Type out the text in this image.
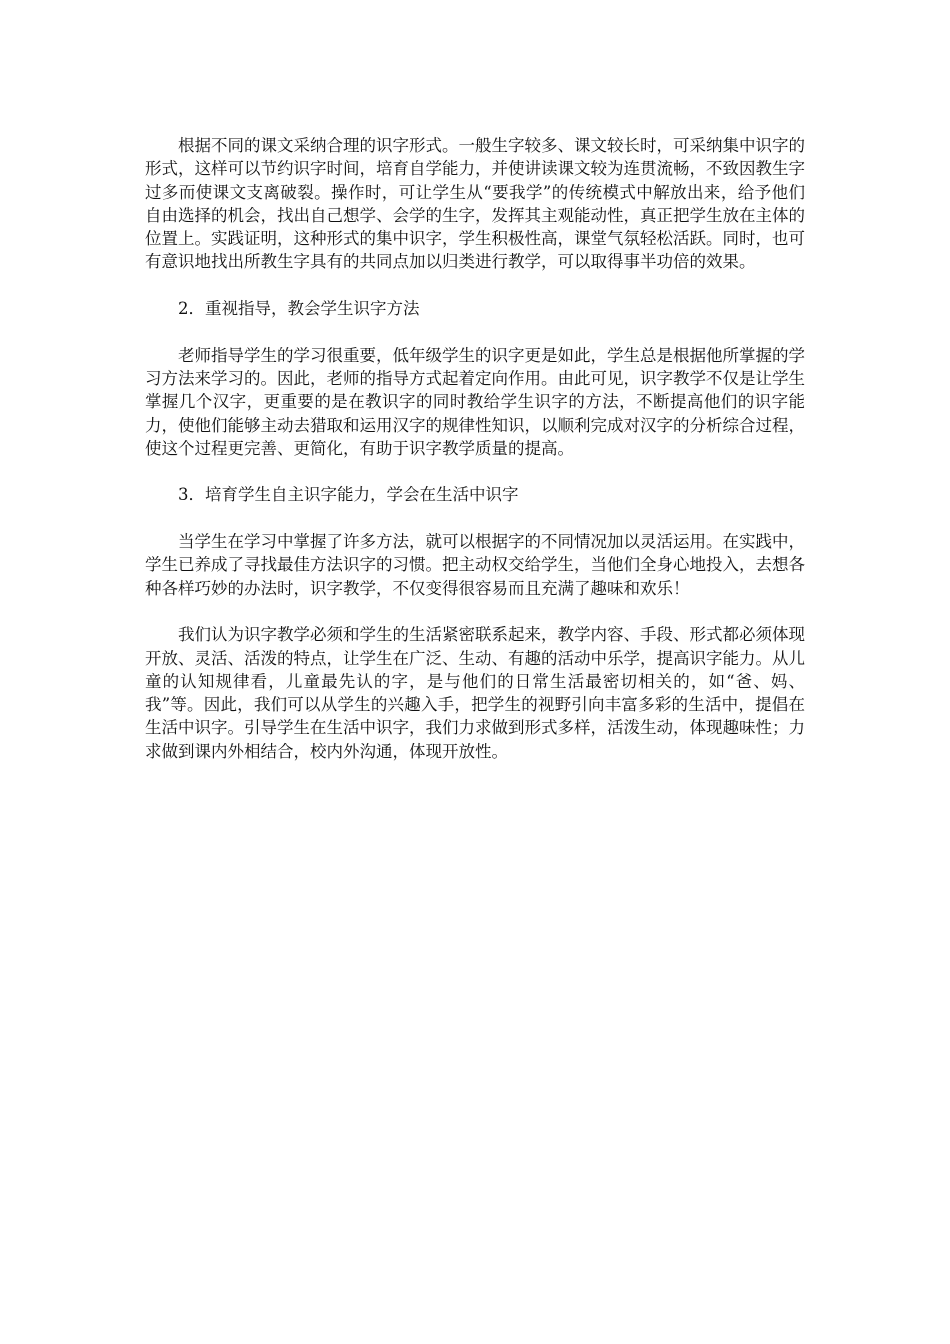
根据不同的课文采纳合理的识字形式。一般生字较多、课文较长时，可采纳集中识字的形式，这样可以节约识字时间，培育自学能力，并使讲读课文较为连贯流畅，不致因教生字过多而使课文支离破裂。操作时，可让学生从“要我学”的传统模式中解放出来，给予他们自由选择的机会，找出自己想学、会学的生字，发挥其主观能动性，真正把学生放在主体的位置上。实践证明，这种形式的集中识字，学生积极性高，课堂气氛轻松活跃。同时，也可有意识地找出所教生字具有的共同点加以归类进行教学，可以取得事半功倍的效果。

2．重视指导，教会学生识字方法

老师指导学生的学习很重要，低年级学生的识字更是如此，学生总是根据他所掌握的学习方法来学习的。因此，老师的指导方式起着定向作用。由此可见，识字教学不仅是让学生掌握几个汉字，更重要的是在教识字的同时教给学生识字的方法，不断提高他们的识字能力，使他们能够主动去猎取和运用汉字的规律性知识，以顺利完成对汉字的分析综合过程，使这个过程更完善、更简化，有助于识字教学质量的提高。

3．培育学生自主识字能力，学会在生活中识字

当学生在学习中掌握了许多方法，就可以根据字的不同情况加以灵活运用。在实践中，学生已养成了寻找最佳方法识字的习惯。把主动权交给学生，当他们全身心地投入，去想各种各样巧妙的办法时，识字教学，不仅变得很容易而且充满了趣味和欢乐！

我们认为识字教学必须和学生的生活紧密联系起来，教学内容、手段、形式都必须体现开放、灵活、活泼的特点，让学生在广泛、生动、有趣的活动中乐学，提高识字能力。从儿童的认知规律看，儿童最先认的字，是与他们的日常生活最密切相关的，如“爸、妈、我”等。因此，我们可以从学生的兴趣入手，把学生的视野引向丰富多彩的生活中，提倡在生活中识字。引导学生在生活中识字，我们力求做到形式多样，活泼生动，体现趣味性；力求做到课内外相结合，校内外沟通，体现开放性。
